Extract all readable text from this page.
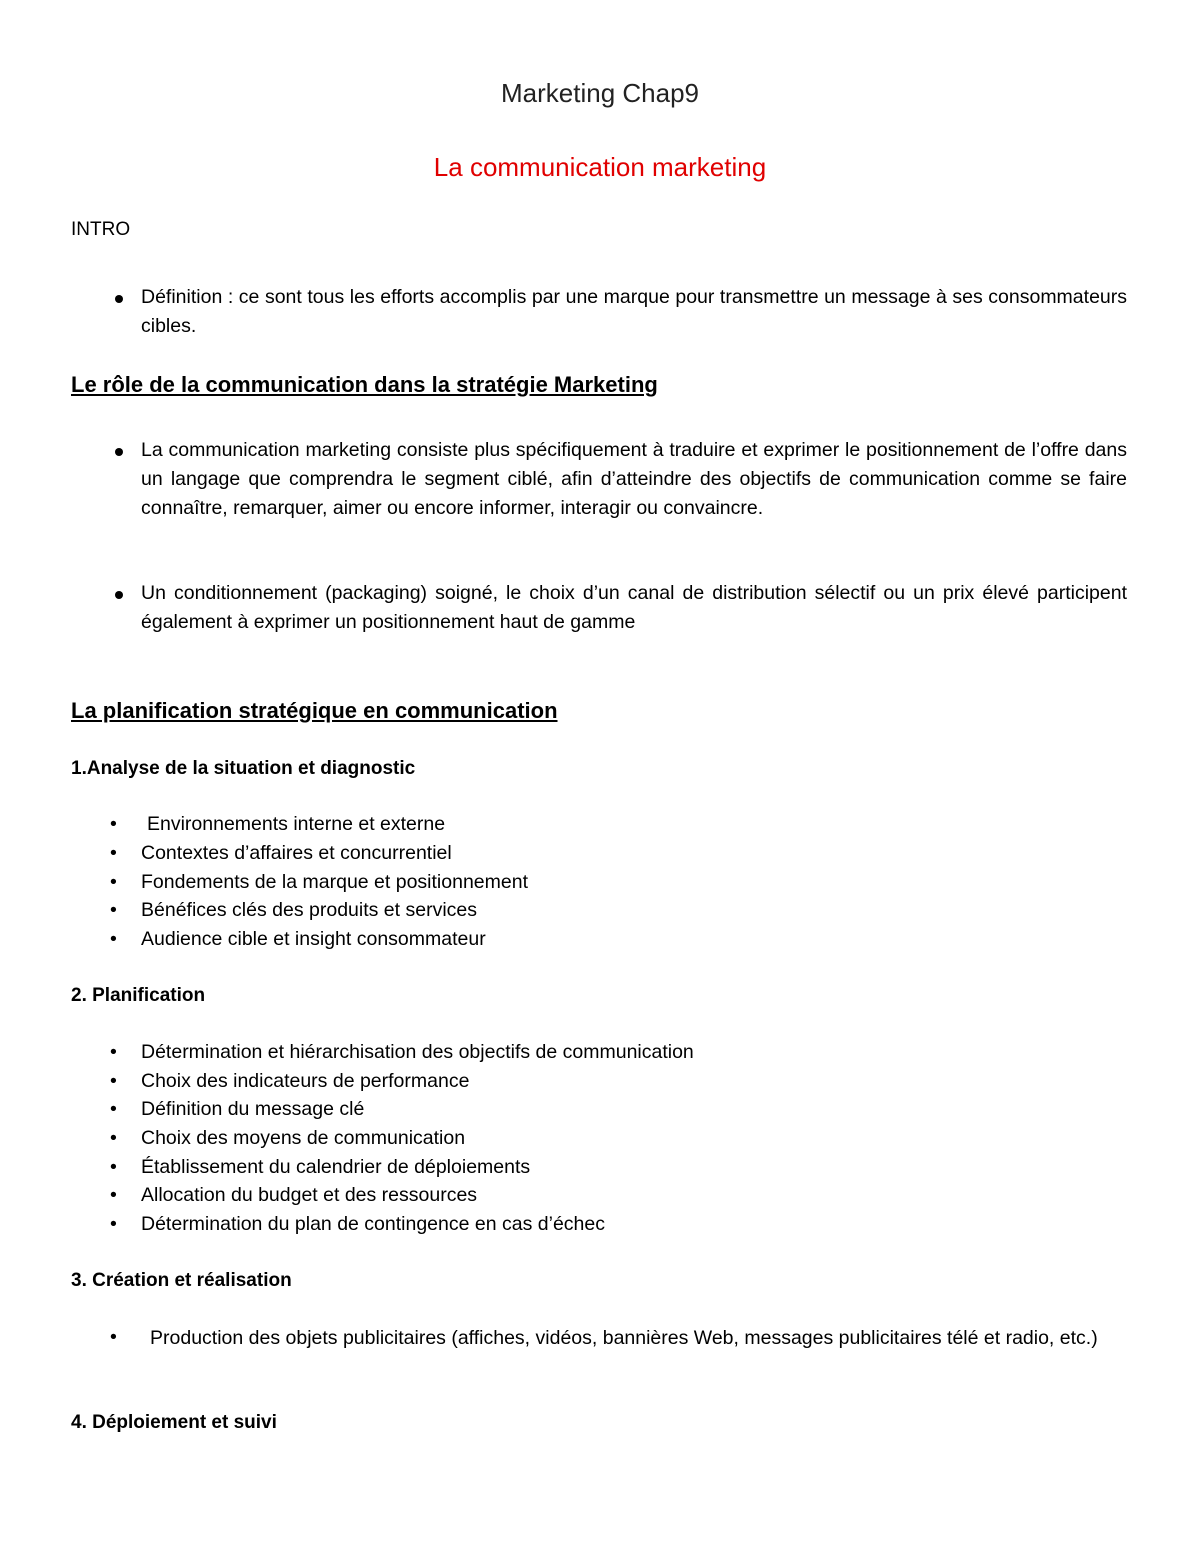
Marketing Chap9
La communication marketing
INTRO

Définition : ce sont tous les efforts accomplis par une marque pour transmettre un message à ses consommateurs cibles.

Le rôle de la communication dans la stratégie Marketing

La communication marketing consiste plus spécifiquement à traduire et exprimer le positionnement de l’offre dans un langage que comprendra le segment ciblé, afin d’atteindre des objectifs de communication comme se faire connaître, remarquer, aimer ou encore informer, interagir ou convaincre.

Un conditionnement (packaging) soigné, le choix d’un canal de distribution sélectif ou un prix élevé participent également à exprimer un positionnement haut de gamme

La planification stratégique en communication
1.Analyse de la situation et diagnostic
• Environnements interne et externe
• Contextes d’affaires et concurrentiel
• Fondements de la marque et positionnement
• Bénéfices clés des produits et services
• Audience cible et insight consommateur
2. Planification
• Détermination et hiérarchisation des objectifs de communication
• Choix des indicateurs de performance
• Définition du message clé
• Choix des moyens de communication
• Établissement du calendrier de déploiements
• Allocation du budget et des ressources
• Détermination du plan de contingence en cas d’échec
3. Création et réalisation
•	Production des objets publicitaires (affiches, vidéos, bannières Web, messages publicitaires télé et radio, etc.)

4. Déploiement et suivi
